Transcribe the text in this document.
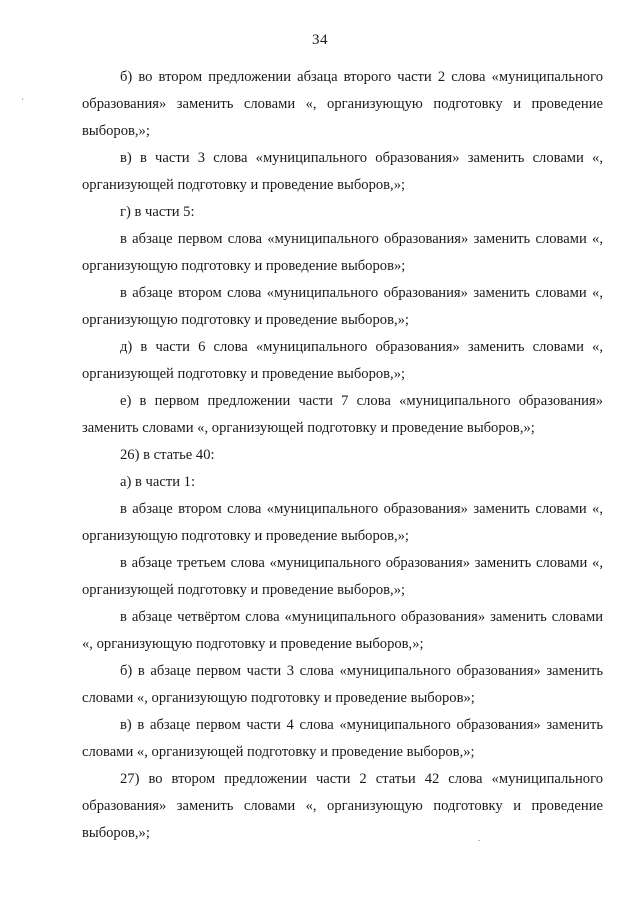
34

б) во втором предложении абзаца второго части 2 слова «муниципального образования» заменить словами «, организующую подготовку и проведение выборов,»;

в) в части 3 слова «муниципального образования» заменить словами «, организующей подготовку и проведение выборов,»;

г) в части 5:

в абзаце первом слова «муниципального образования» заменить словами «, организующую подготовку и проведение выборов»;

в абзаце втором слова «муниципального образования» заменить словами «, организующую подготовку и проведение выборов,»;

д) в части 6 слова «муниципального образования» заменить словами «, организующей подготовку и проведение выборов,»;

е) в первом предложении части 7 слова «муниципального образования» заменить словами «, организующей подготовку и проведение выборов,»;

26) в статье 40:

а) в части 1:

в абзаце втором слова «муниципального образования» заменить словами «, организующую подготовку и проведение выборов,»;

в абзаце третьем слова «муниципального образования» заменить словами «, организующей подготовку и проведение выборов,»;

в абзаце четвёртом слова «муниципального образования» заменить словами «, организующую подготовку и проведение выборов,»;

б) в абзаце первом части 3 слова «муниципального образования» заменить словами «, организующую подготовку и проведение выборов»;

в) в абзаце первом части 4 слова «муниципального образования» заменить словами «, организующей подготовку и проведение выборов,»;

27) во втором предложении части 2 статьи 42 слова «муниципального образования» заменить словами «, организующую подготовку и проведение выборов,»;
